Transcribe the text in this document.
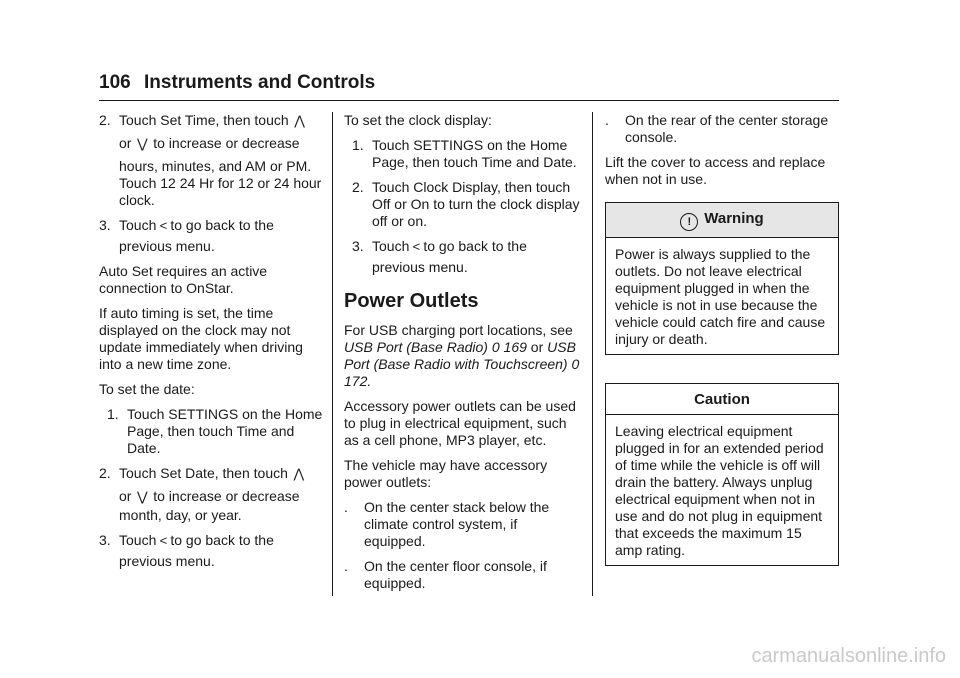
106 Instruments and Controls
2. Touch Set Time, then touch ⋀

or ⋁ to increase or decrease
hours, minutes, and AM or PM. Touch 12 24 Hr for 12 or 24 hour clock.
3. Touch < to go back to the
previous menu.

Auto Set requires an active connection to OnStar.

If auto timing is set, the time displayed on the clock may not update immediately when driving into a new time zone.

To set the date:

1. Touch SETTINGS on the Home Page, then touch Time and Date.
2. Touch Set Date, then touch ⋀
or ⋁ to increase or decrease
month, day, or year.
3. Touch < to go back to the
previous menu.

To set the clock display:

1. Touch SETTINGS on the Home Page, then touch Time and Date.
2. Touch Clock Display, then touch Off or On to turn the clock display off or on.
3. Touch < to go back to the
previous menu.
Power Outlets

For USB charging port locations, see USB Port (Base Radio) 0 169 or USB Port (Base Radio with Touchscreen) 0 172.

Accessory power outlets can be used to plug in electrical equipment, such as a cell phone, MP3 player, etc.

The vehicle may have accessory power outlets:

. On the center stack below the climate control system, if equipped.
. On the center floor console, if equipped.
. On the rear of the center storage console.

Lift the cover to access and replace when not in use.

! Warning
Power is always supplied to the outlets. Do not leave electrical equipment plugged in when the vehicle is not in use because the vehicle could catch fire and cause injury or death.
Caution
Leaving electrical equipment plugged in for an extended period of time while the vehicle is off will drain the battery. Always unplug electrical equipment when not in use and do not plug in equipment that exceeds the maximum 15 amp rating.
carmanualsonline.info
